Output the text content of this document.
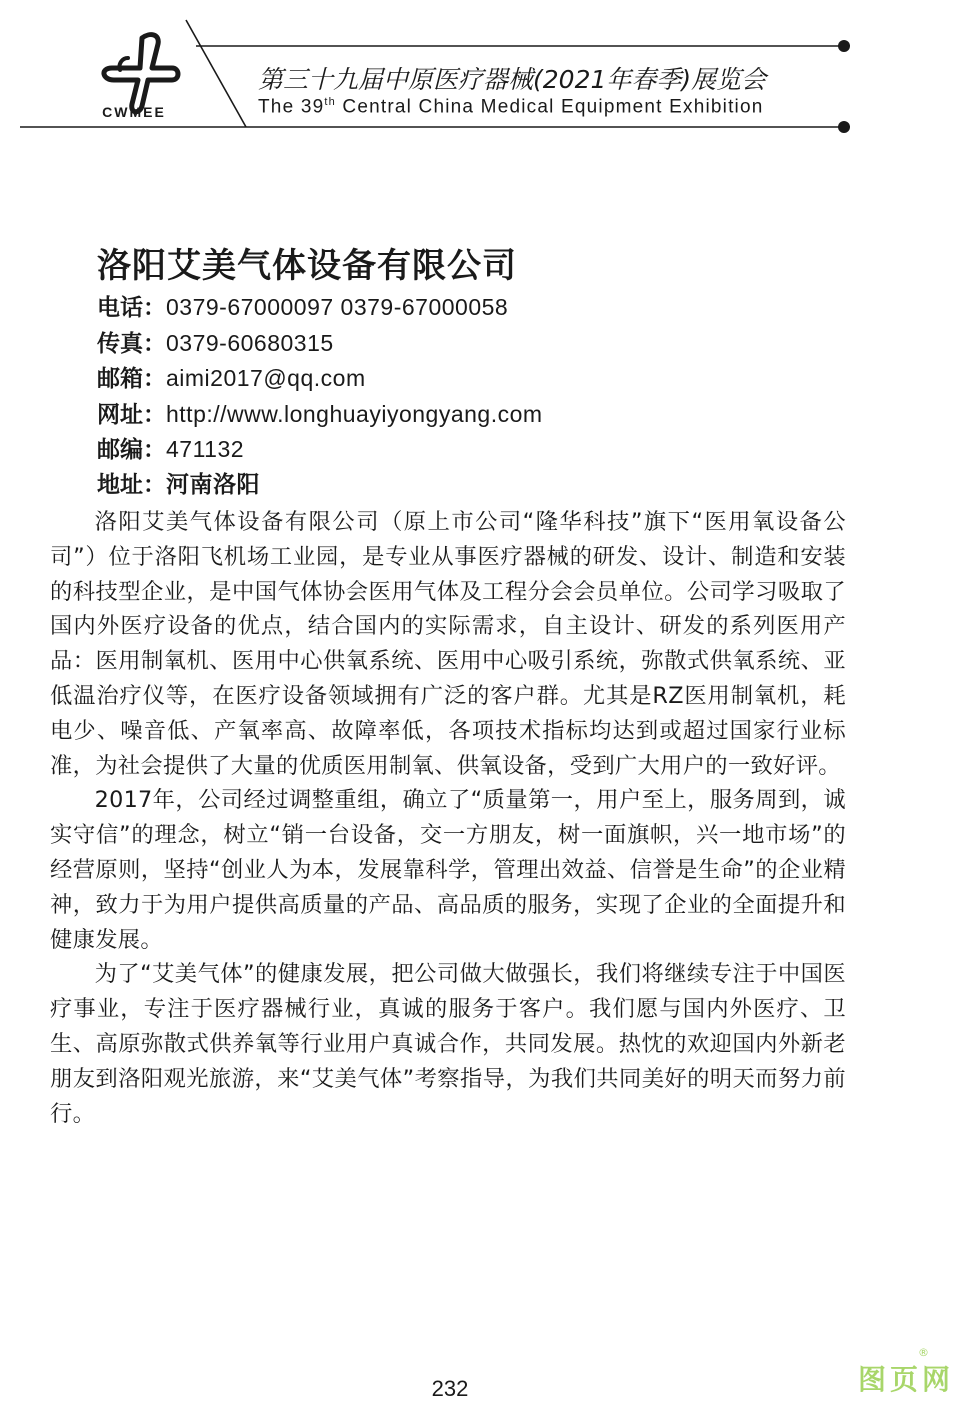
CWMEE
第三十九届中原医疗器械(2021年春季)展览会
The 39th Central China Medical Equipment Exhibition
洛阳艾美气体设备有限公司
电话：0379-67000097 0379-67000058
传真：0379-60680315
邮箱：aimi2017@qq.com
网址：http://www.longhuayiyongyang.com
邮编：471132
地址：河南洛阳

洛阳艾美气体设备有限公司（原上市公司“隆华科技”旗下“医用氧设备公司”）位于洛阳飞机场工业园，是专业从事医疗器械的研发、设计、制造和安装的科技型企业，是中国气体协会医用气体及工程分会会员单位。公司学习吸取了国内外医疗设备的优点，结合国内的实际需求，自主设计、研发的系列医用产品：医用制氧机、医用中心供氧系统、医用中心吸引系统，弥散式供氧系统、亚低温治疗仪等，在医疗设备领域拥有广泛的客户群。尤其是RZ医用制氧机，耗电少、噪音低、产氧率高、故障率低，各项技术指标均达到或超过国家行业标准，为社会提供了大量的优质医用制氧、供氧设备，受到广大用户的一致好评。

2017年，公司经过调整重组，确立了“质量第一，用户至上，服务周到，诚实守信”的理念，树立“销一台设备，交一方朋友，树一面旗帜，兴一地市场”的经营原则，坚持“创业人为本，发展靠科学，管理出效益、信誉是生命”的企业精神，致力于为用户提供高质量的产品、高品质的服务，实现了企业的全面提升和健康发展。

为了“艾美气体”的健康发展，把公司做大做强长，我们将继续专注于中国医疗事业，专注于医疗器械行业，真诚的服务于客户。我们愿与国内外医疗、卫生、高原弥散式供养氧等行业用户真诚合作，共同发展。热忱的欢迎国内外新老朋友到洛阳观光旅游，来“艾美气体”考察指导，为我们共同美好的明天而努力前行。

232	图页网
®
